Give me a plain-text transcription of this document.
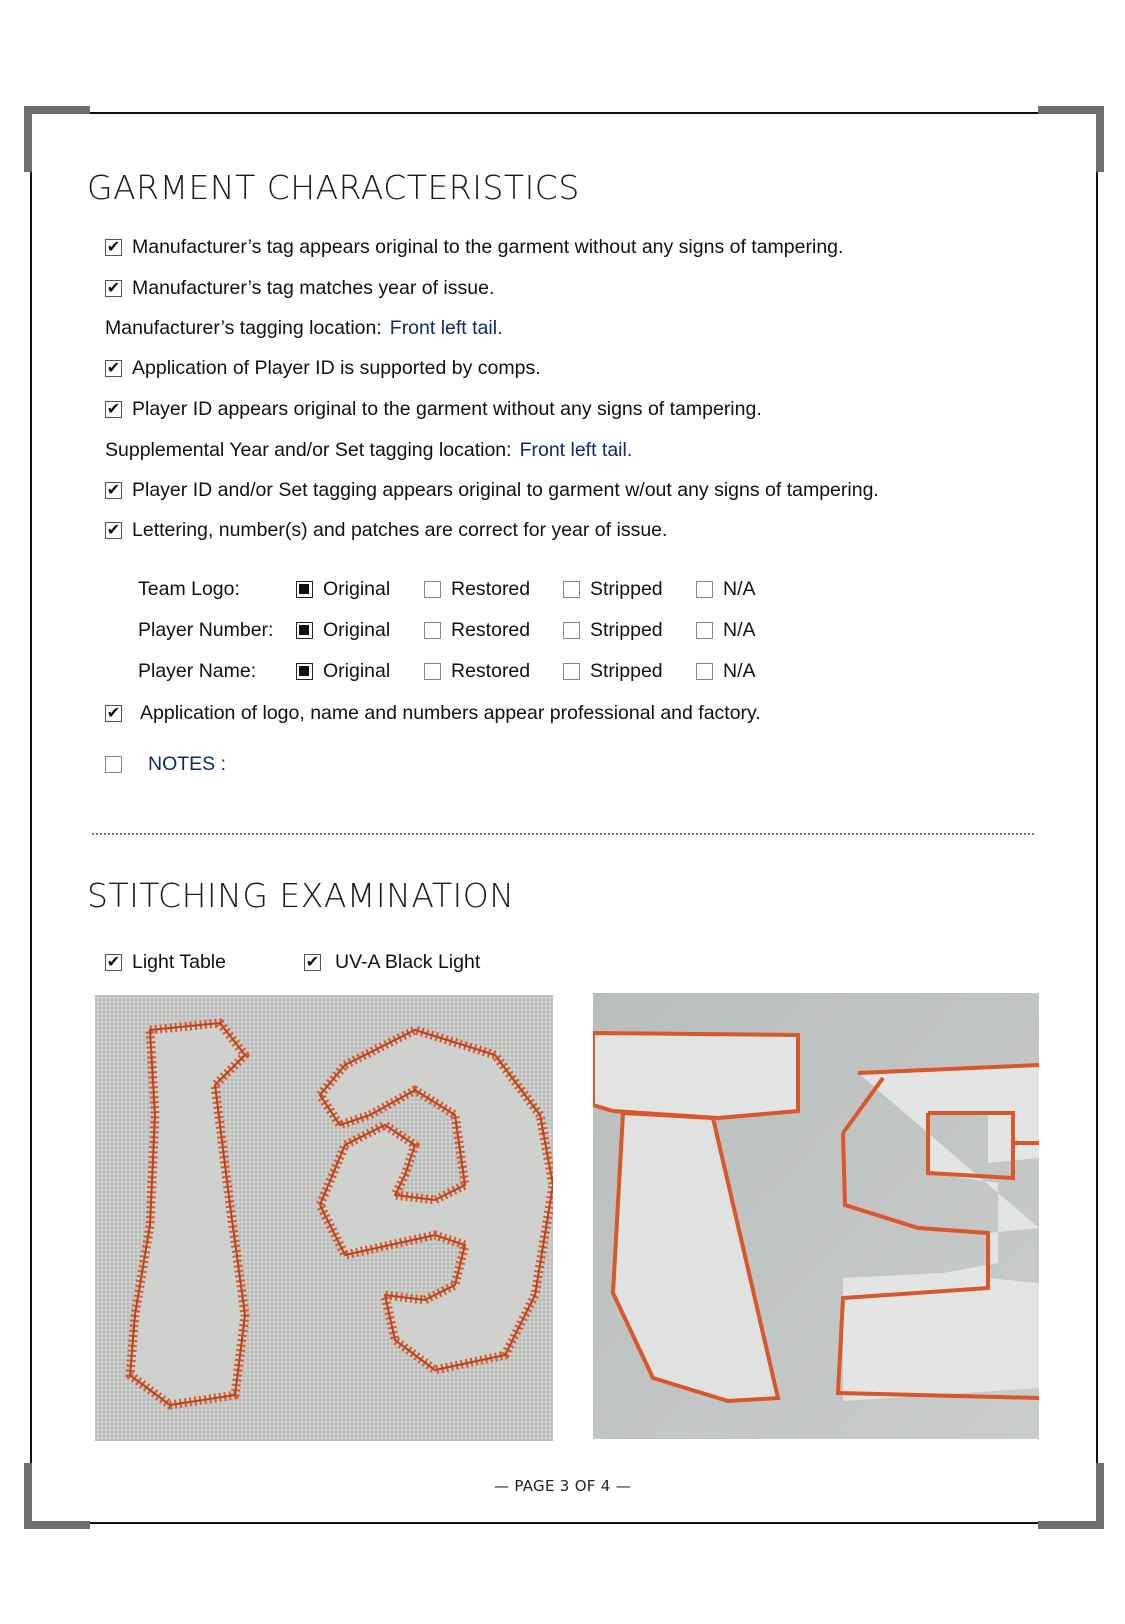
GARMENT CHARACTERISTICS
✔ Manufacturer’s tag appears original to the garment without any signs of tampering.
✔ Manufacturer’s tag matches year of issue.
Manufacturer’s tagging location: Front left tail.
✔ Application of Player ID is supported by comps.
✔ Player ID appears original to the garment without any signs of tampering.
Supplemental Year and/or Set tagging location: Front left tail.
✔ Player ID and/or Set tagging appears original to garment w/out any signs of tampering.
✔ Lettering, number(s) and patches are correct for year of issue.
Team Logo:	Original	Restored	Stripped	N/A
Player Number:	Original	Restored	Stripped	N/A
Player Name:	Original	Restored	Stripped	N/A
✔ Application of logo, name and numbers appear professional and factory.
NOTES :
STITCHING EXAMINATION
✔ Light Table	✔ UV-A Black Light
— PAGE 3 OF 4 —
